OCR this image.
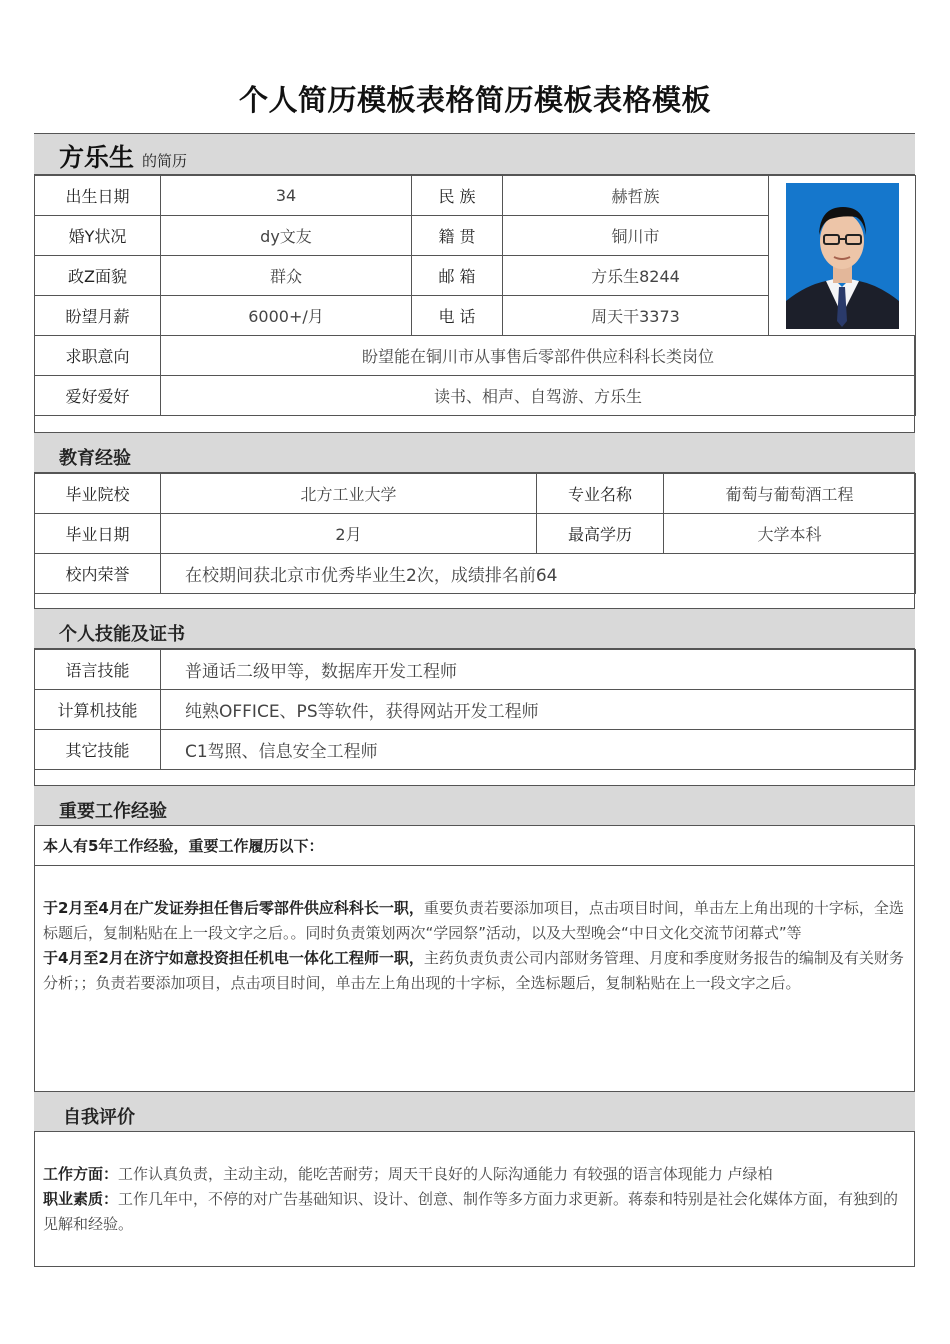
个人简历模板表格简历模板表格模板
方乐生 的简历
出生日期	34	民 族	赫哲族	

婚Y状况	dy文友	籍 贯	铜川市	
政Z面貌	群众	邮 箱	方乐生8244	
盼望月薪	6000+/月	电 话	周天干3373	
求职意向	盼望能在铜川市从事售后零部件供应科科长类岗位			
爱好爱好	读书、相声、自驾游、方乐生			
教育经验
毕业院校	北方工业大学	专业名称	葡萄与葡萄酒工程
毕业日期	2月	最高学历	大学本科
校内荣誉	在校期间获北京市优秀毕业生2次，成绩排名前64		
个人技能及证书
语言技能	普通话二级甲等，数据库开发工程师
计算机技能	纯熟OFFICE、PS等软件，获得网站开发工程师
其它技能	C1驾照、信息安全工程师
重要工作经验
本人有5年工作经验，重要工作履历以下：
于2月至4月在广发证券担任售后零部件供应科科长一职，重要负责若要添加项目，点击项目时间，单击左上角出现的十字标，全选标题后，复制粘贴在上一段文字之后。。同时负责策划两次“学园祭”活动，以及大型晚会“中日文化交流节闭幕式”等
于4月至2月在济宁如意投资担任机电一体化工程师一职，主药负责负责公司内部财务管理、月度和季度财务报告的编制及有关财务分析；；负责若要添加项目，点击项目时间，单击左上角出现的十字标，全选标题后，复制粘贴在上一段文字之后。
自我评价
工作方面：工作认真负责，主动主动，能吃苦耐劳；周天干良好的人际沟通能力 有较强的语言体现能力 卢绿柏
职业素质：工作几年中，不停的对广告基础知识、设计、创意、制作等多方面力求更新。蒋泰和特别是社会化媒体方面，有独到的见解和经验。
